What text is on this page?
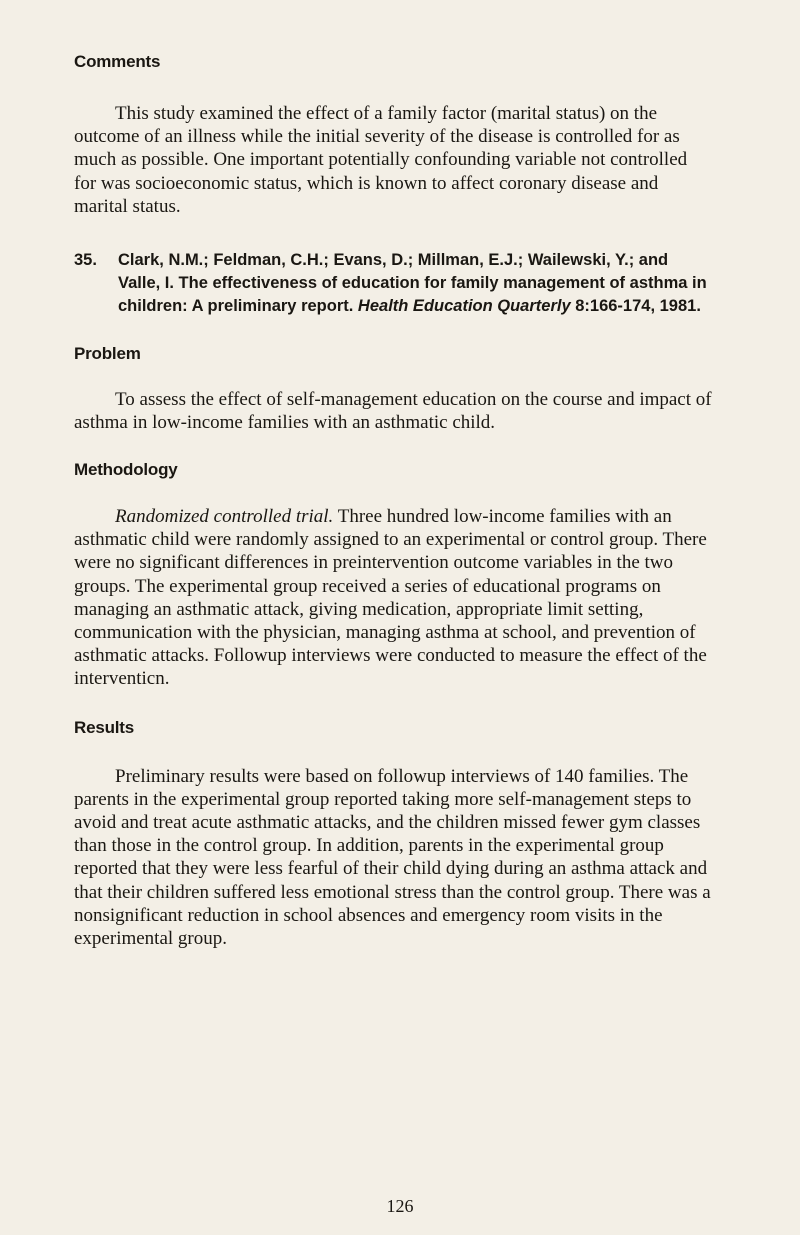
Comments

This study examined the effect of a family factor (marital status) on the outcome of an illness while the initial severity of the disease is controlled for as much as possible. One important potentially confounding variable not controlled for was socioeconomic status, which is known to affect coronary disease and marital status.

35.	Clark, N.M.; Feldman, C.H.; Evans, D.; Millman, E.J.; Wailewski, Y.; and Valle, I. The effectiveness of education for family management of asthma in children: A preliminary report. Health Education Quarterly 8:166-174, 1981.
Problem

To assess the effect of self-management education on the course and impact of asthma in low-income families with an asthmatic child.

Methodology

Randomized controlled trial. Three hundred low-income families with an asthmatic child were randomly assigned to an experimental or control group. There were no significant differences in preintervention outcome variables in the two groups. The experimental group received a series of educational programs on managing an asthmatic attack, giving medication, appropriate limit setting, communication with the physician, managing asthma at school, and prevention of asthmatic attacks. Followup interviews were conducted to measure the effect of the interventicn.

Results

Preliminary results were based on followup interviews of 140 families. The parents in the experimental group reported taking more self-management steps to avoid and treat acute asthmatic attacks, and the children missed fewer gym classes than those in the control group. In addition, parents in the experimental group reported that they were less fearful of their child dying during an asthma attack and that their children suffered less emotional stress than the control group. There was a nonsignificant reduction in school absences and emergency room visits in the experimental group.

126
